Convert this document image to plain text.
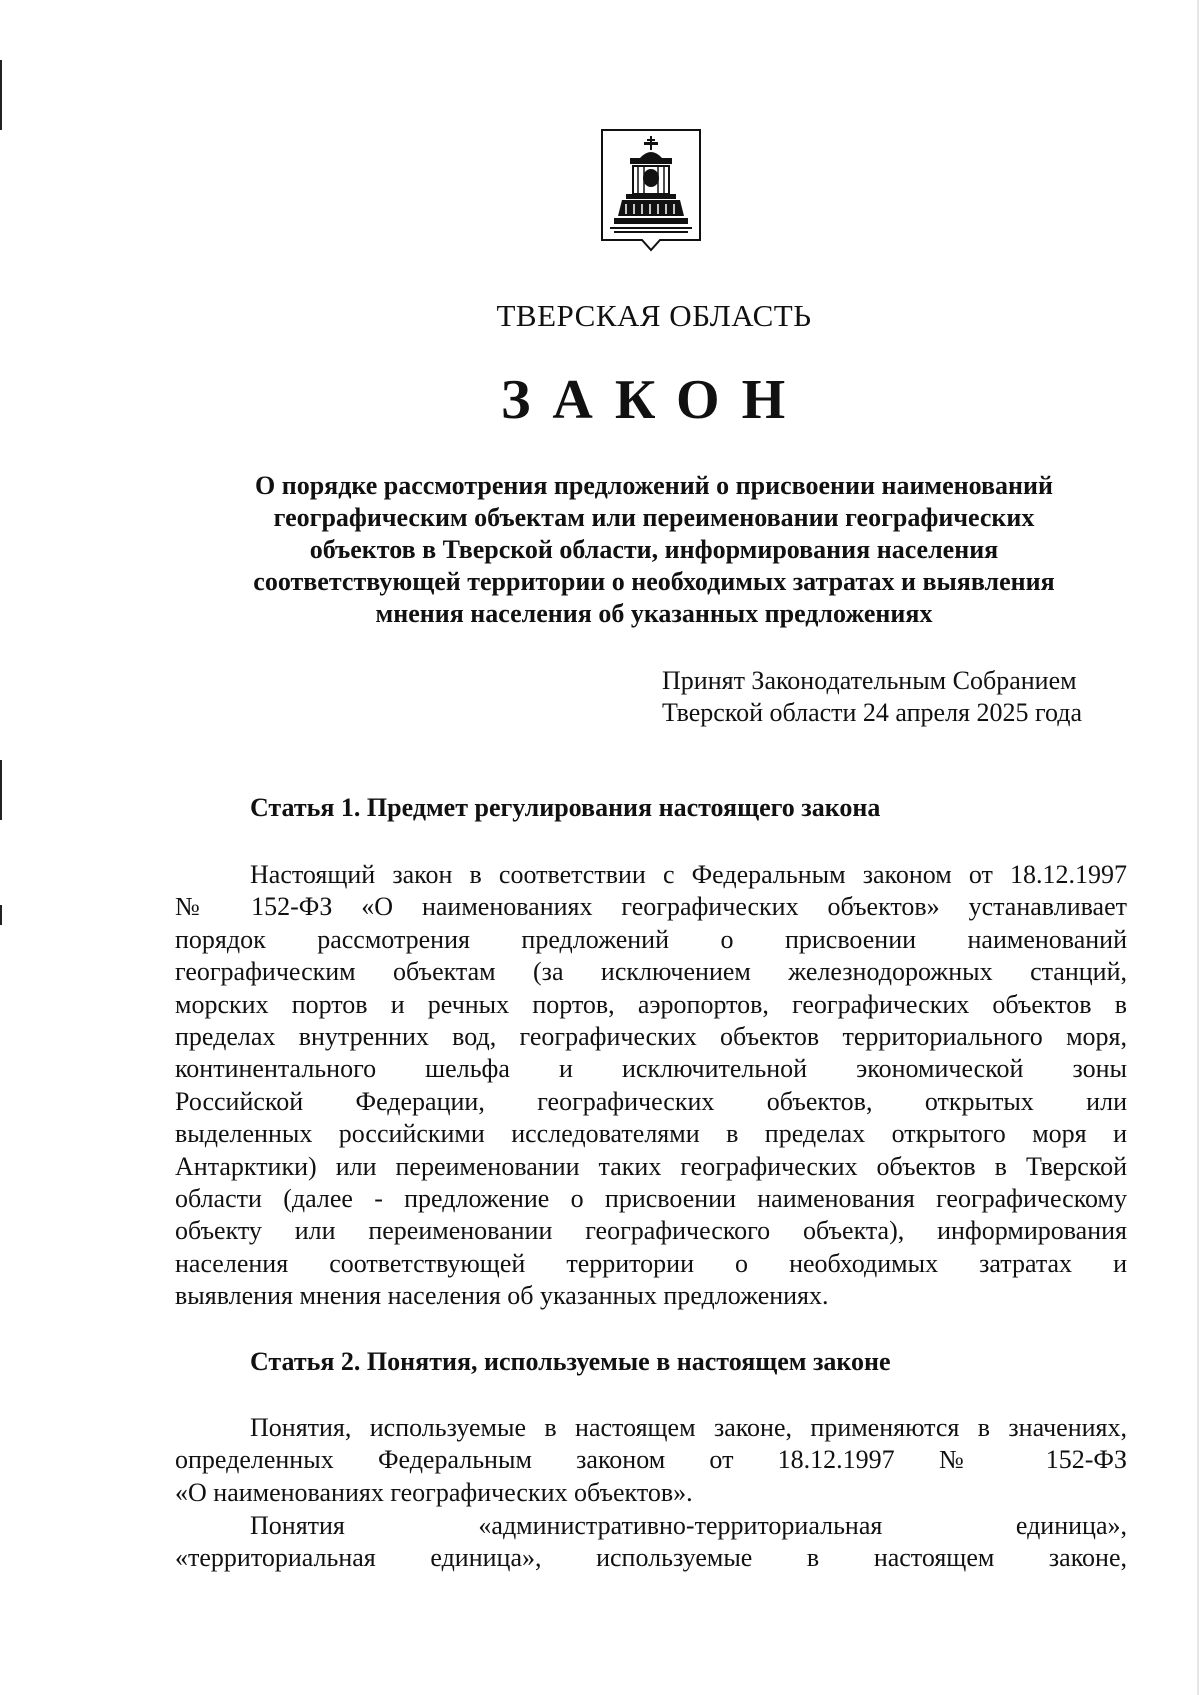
ТВЕРСКАЯ ОБЛАСТЬ
ЗАКОН
О порядке рассмотрения предложений о присвоении наименований
географическим объектам или переименовании географических
объектов в Тверской области, информирования населения
соответствующей территории о необходимых затратах и выявления
мнения населения об указанных предложениях
Принят Законодательным Собранием
Тверской области 24 апреля 2025 года
Статья 1. Предмет регулирования настоящего закона
Настоящий закон в соответствии с Федеральным законом от 18.12.1997
№ 152-ФЗ «О наименованиях географических объектов» устанавливает
порядок рассмотрения предложений о присвоении наименований
географическим объектам (за исключением железнодорожных станций,
морских портов и речных портов, аэропортов, географических объектов в
пределах внутренних вод, географических объектов территориального моря,
континентального шельфа и исключительной экономической зоны
Российской Федерации, географических объектов, открытых или
выделенных российскими исследователями в пределах открытого моря и
Антарктики) или переименовании таких географических объектов в Тверской
области (далее - предложение о присвоении наименования географическому
объекту или переименовании географического объекта), информирования
населения соответствующей территории о необходимых затратах и
выявления мнения населения об указанных предложениях.
Статья 2. Понятия, используемые в настоящем законе
Понятия, используемые в настоящем законе, применяются в значениях,
определенных Федеральным законом от 18.12.1997 № 152-ФЗ
«О наименованиях географических объектов».
Понятия «административно-территориальная единица»,
«территориальная единица», используемые в настоящем законе,
